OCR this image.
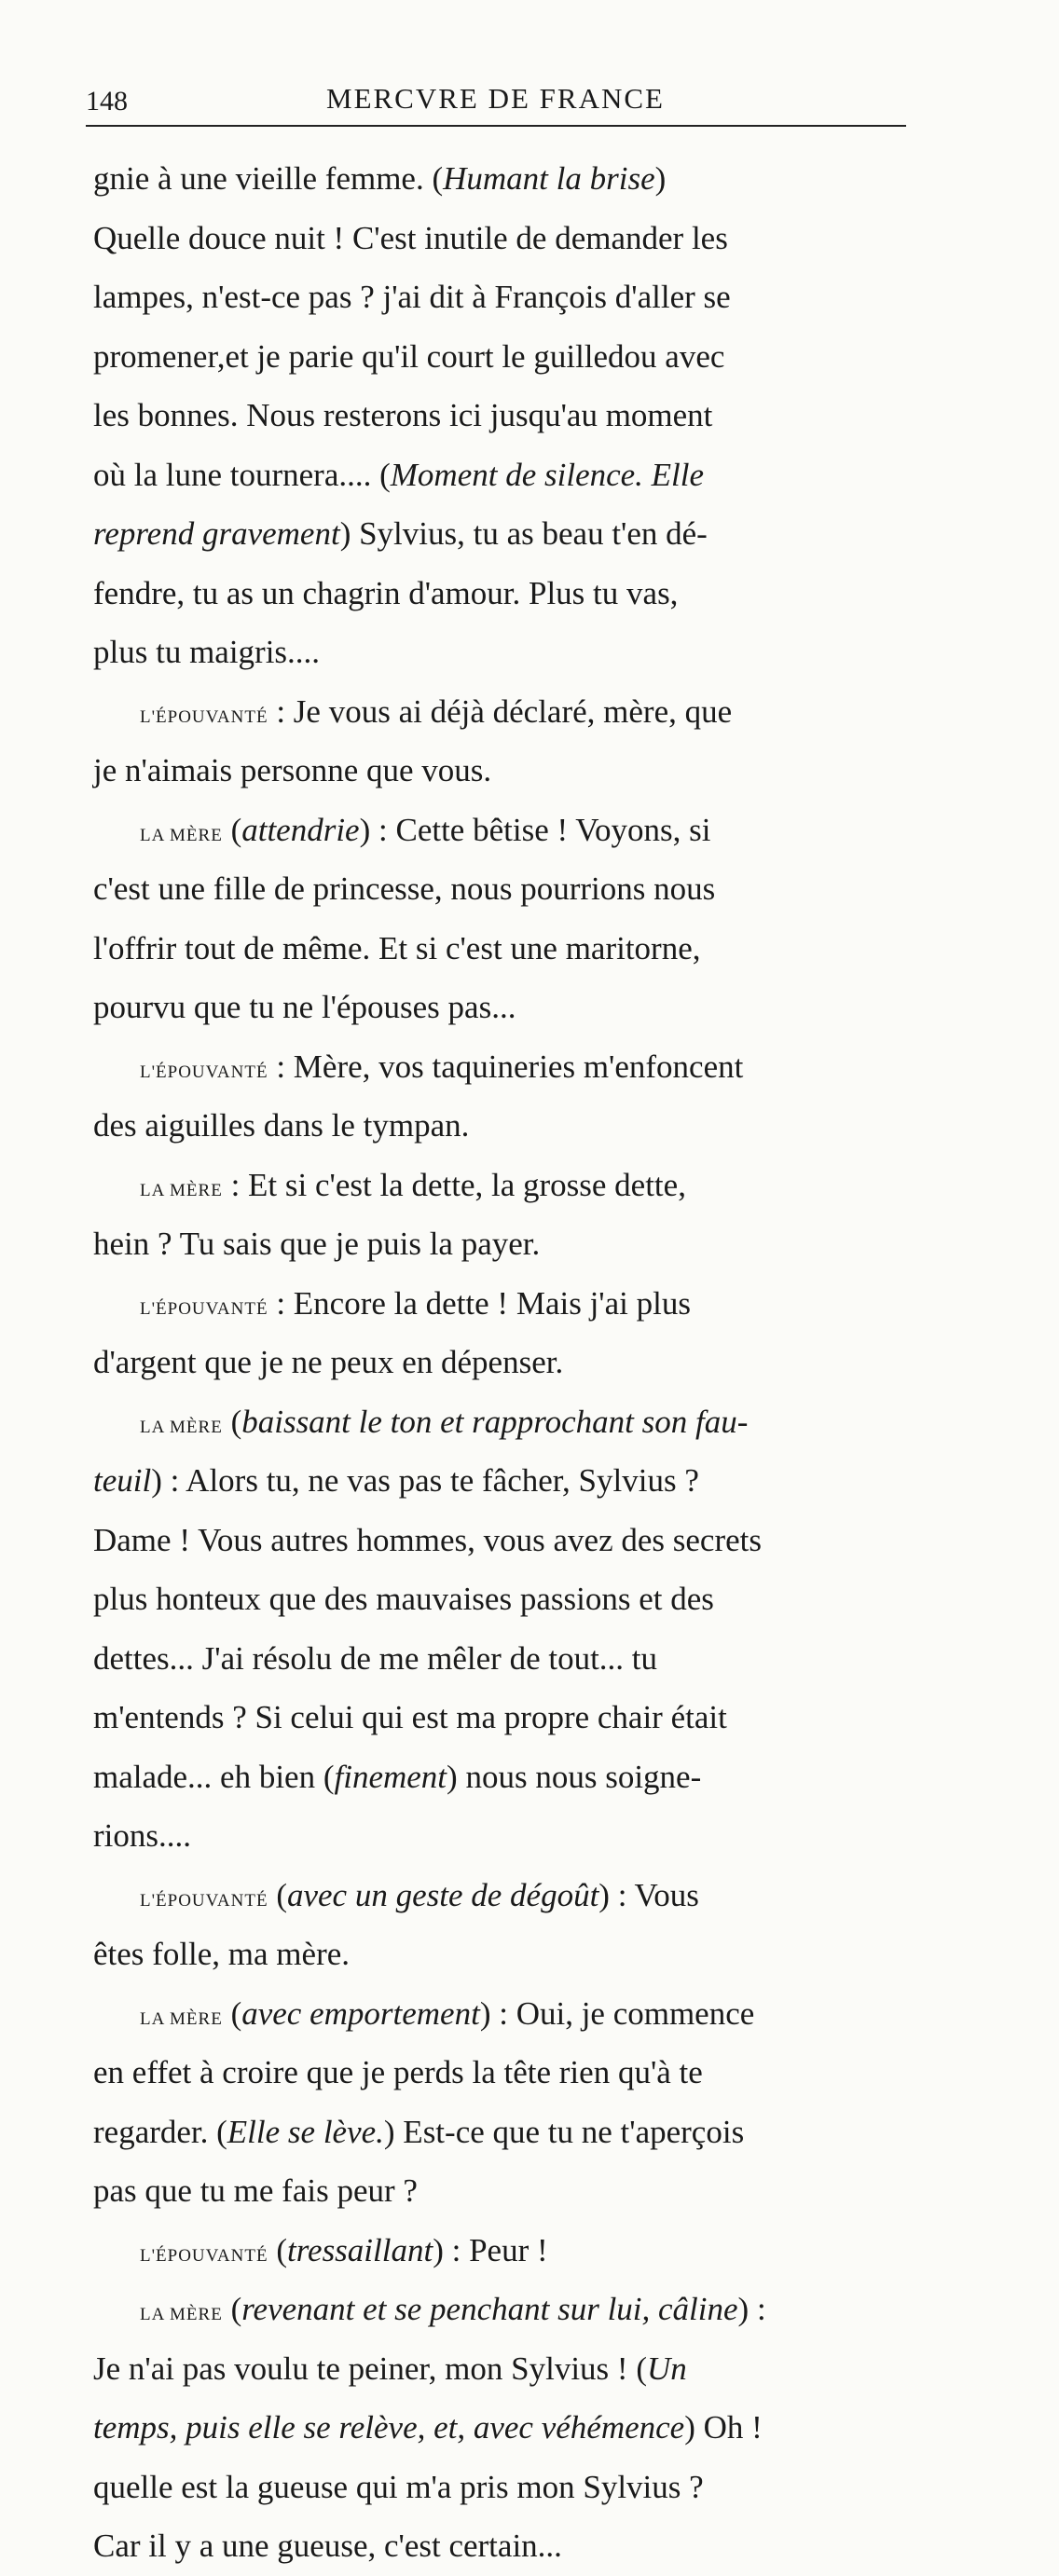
148	MERCVRE DE FRANCE
gnie à une vieille femme. (Humant la brise)
Quelle douce nuit ! C'est inutile de demander les
lampes, n'est-ce pas ? j'ai dit à François d'aller se
promener,et je parie qu'il court le guilledou avec
les bonnes. Nous resterons ici jusqu'au moment
où la lune tournera.... (Moment de silence. Elle
reprend gravement) Sylvius, tu as beau t'en dé-
fendre, tu as un chagrin d'amour. Plus tu vas,
plus tu maigris....
L'ÉPOUVANTÉ : Je vous ai déjà déclaré, mère, que
je n'aimais personne que vous.
LA MÈRE (attendrie) : Cette bêtise ! Voyons, si
c'est une fille de princesse, nous pourrions nous
l'offrir tout de même. Et si c'est une maritorne,
pourvu que tu ne l'épouses pas...
L'ÉPOUVANTÉ : Mère, vos taquineries m'enfoncent
des aiguilles dans le tympan.
LA MÈRE : Et si c'est la dette, la grosse dette,
hein ? Tu sais que je puis la payer.
L'ÉPOUVANTÉ : Encore la dette ! Mais j'ai plus
d'argent que je ne peux en dépenser.
LA MÈRE (baissant le ton et rapprochant son fau-
teuil) : Alors tu, ne vas pas te fâcher, Sylvius ?
Dame ! Vous autres hommes, vous avez des secrets
plus honteux que des mauvaises passions et des
dettes... J'ai résolu de me mêler de tout... tu
m'entends ? Si celui qui est ma propre chair était
malade... eh bien (finement) nous nous soigne-
rions....
L'ÉPOUVANTÉ (avec un geste de dégoût) : Vous
êtes folle, ma mère.
LA MÈRE (avec emportement) : Oui, je commence
en effet à croire que je perds la tête rien qu'à te
regarder. (Elle se lève.) Est-ce que tu ne t'aperçois
pas que tu me fais peur ?
L'ÉPOUVANTÉ (tressaillant) : Peur !
LA MÈRE (revenant et se penchant sur lui, câline) :
Je n'ai pas voulu te peiner, mon Sylvius ! (Un
temps, puis elle se relève, et, avec véhémence) Oh !
quelle est la gueuse qui m'a pris mon Sylvius ?
Car il y a une gueuse, c'est certain...
